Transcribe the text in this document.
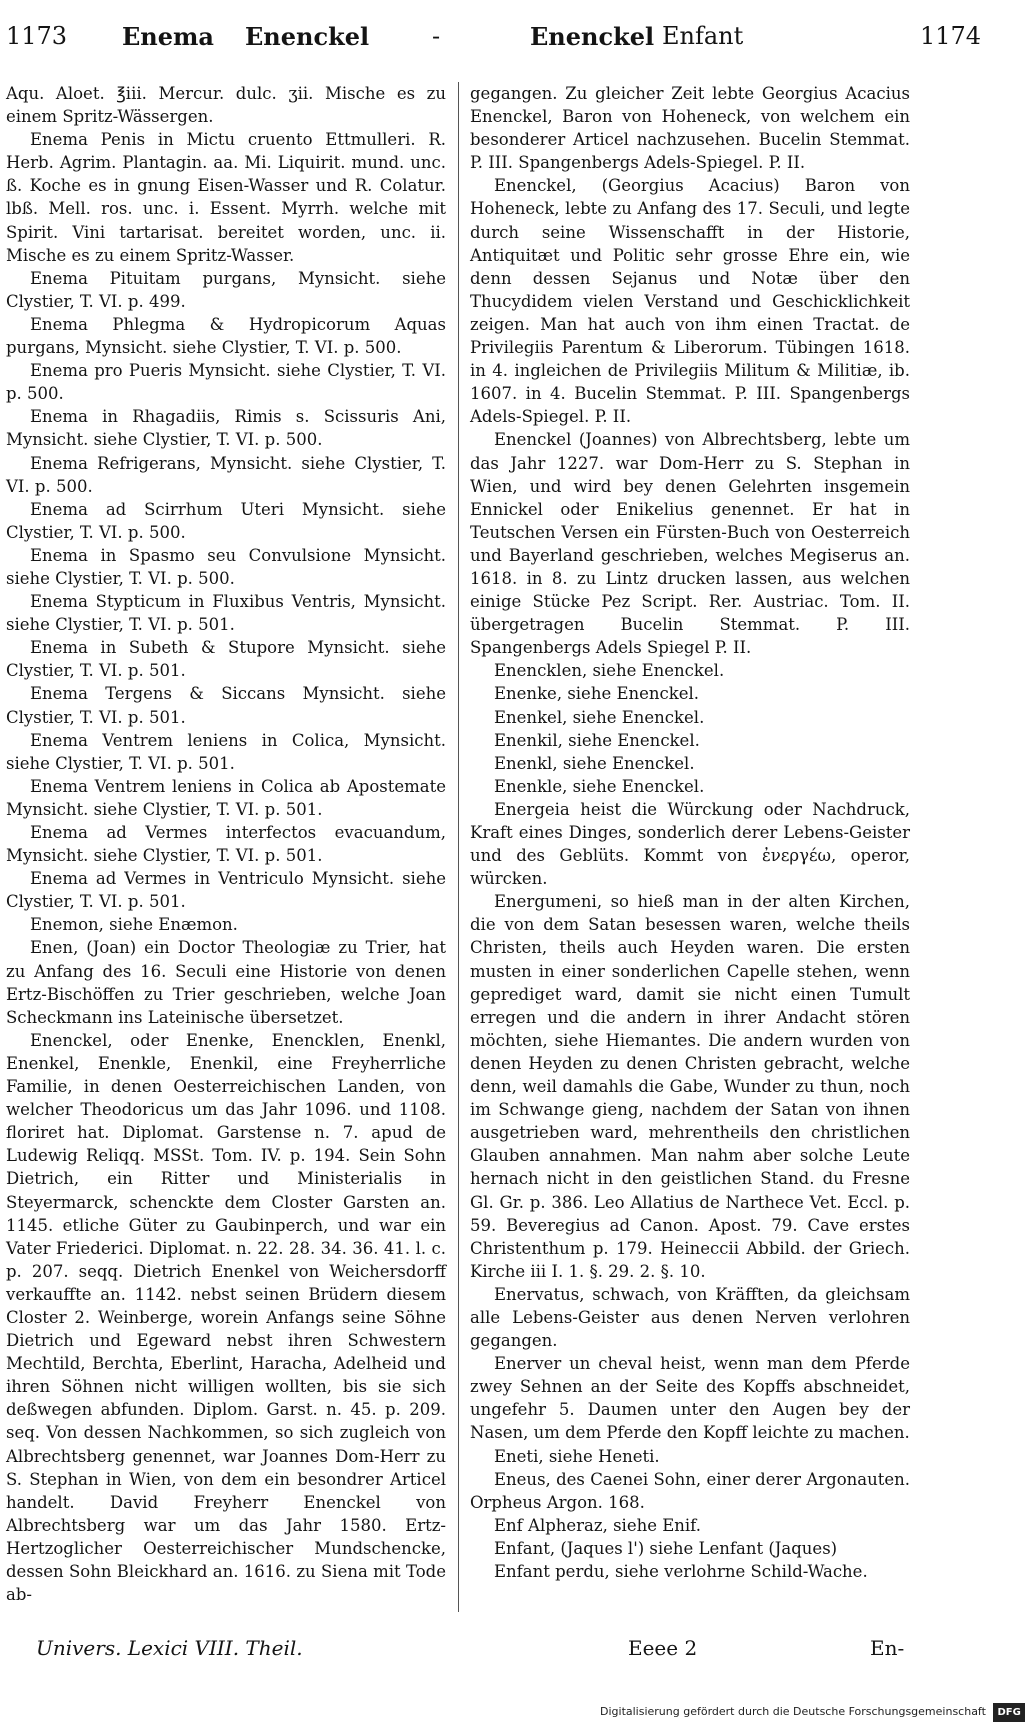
1173 Enema Enenckel	-	Enenckel Enfant	1174

Aqu. Aloet. ℥iii. Mercur. dulc. ʒii. Mische es zu einem Spritz-Wässergen.

Enema Penis in Mictu cruento Ettmulleri. R. Herb. Agrim. Plantagin. aa. Mi. Liquirit. mund. unc. ß. Koche es in gnung Eisen-Wasser und R. Colatur. lbß. Mell. ros. unc. i. Essent. Myrrh. welche mit Spirit. Vini tartarisat. bereitet worden, unc. ii. Mische es zu einem Spritz-Wasser.

Enema Pituitam purgans, Mynsicht. siehe Clystier, T. VI. p. 499.

Enema Phlegma & Hydropicorum Aquas purgans, Mynsicht. siehe Clystier, T. VI. p. 500.

Enema pro Pueris Mynsicht. siehe Clystier, T. VI. p. 500.

Enema in Rhagadiis, Rimis s. Scissuris Ani, Mynsicht. siehe Clystier, T. VI. p. 500.

Enema Refrigerans, Mynsicht. siehe Clystier, T. VI. p. 500.

Enema ad Scirrhum Uteri Mynsicht. siehe Clystier, T. VI. p. 500.

Enema in Spasmo seu Convulsione Mynsicht. siehe Clystier, T. VI. p. 500.

Enema Stypticum in Fluxibus Ventris, Mynsicht. siehe Clystier, T. VI. p. 501.

Enema in Subeth & Stupore Mynsicht. siehe Clystier, T. VI. p. 501.

Enema Tergens & Siccans Mynsicht. siehe Clystier, T. VI. p. 501.

Enema Ventrem leniens in Colica, Mynsicht. siehe Clystier, T. VI. p. 501.

Enema Ventrem leniens in Colica ab Apostemate Mynsicht. siehe Clystier, T. VI. p. 501.

Enema ad Vermes interfectos evacuandum, Mynsicht. siehe Clystier, T. VI. p. 501.

Enema ad Vermes in Ventriculo Mynsicht. siehe Clystier, T. VI. p. 501.

Enemon, siehe Enæmon.

Enen, (Joan) ein Doctor Theologiæ zu Trier, hat zu Anfang des 16. Seculi eine Historie von denen Ertz-Bischöffen zu Trier geschrieben, welche Joan Scheckmann ins Lateinische übersetzet.

Enenckel, oder Enenke, Enencklen, Enenkl, Enenkel, Enenkle, Enenkil, eine Freyherrliche Familie, in denen Oesterreichischen Landen, von welcher Theodoricus um das Jahr 1096. und 1108. floriret hat. Diplomat. Garstense n. 7. apud de Ludewig Reliqq. MSSt. Tom. IV. p. 194. Sein Sohn Dietrich, ein Ritter und Ministerialis in Steyermarck, schenckte dem Closter Garsten an. 1145. etliche Güter zu Gaubinperch, und war ein Vater Friederici. Diplomat. n. 22. 28. 34. 36. 41. l. c. p. 207. seqq. Dietrich Enenkel von Weichersdorff verkauffte an. 1142. nebst seinen Brüdern diesem Closter 2. Weinberge, worein Anfangs seine Söhne Dietrich und Egeward nebst ihren Schwestern Mechtild, Berchta, Eberlint, Haracha, Adelheid und ihren Söhnen nicht willigen wollten, bis sie sich deßwegen abfunden. Diplom. Garst. n. 45. p. 209. seq. Von dessen Nachkommen, so sich zugleich von Albrechtsberg genennet, war Joannes Dom-Herr zu S. Stephan in Wien, von dem ein besondrer Articel handelt. David Freyherr Enenckel von Albrechtsberg war um das Jahr 1580. Ertz-Hertzoglicher Oesterreichischer Mundschencke, dessen Sohn Bleickhard an. 1616. zu Siena mit Tode ab-

gegangen. Zu gleicher Zeit lebte Georgius Acacius Enenckel, Baron von Hoheneck, von welchem ein besonderer Articel nachzusehen. Bucelin Stemmat. P. III. Spangenbergs Adels-Spiegel. P. II.

Enenckel, (Georgius Acacius) Baron von Hoheneck, lebte zu Anfang des 17. Seculi, und legte durch seine Wissenschafft in der Historie, Antiquitæt und Politic sehr grosse Ehre ein, wie denn dessen Sejanus und Notæ über den Thucydidem vielen Verstand und Geschicklichkeit zeigen. Man hat auch von ihm einen Tractat. de Privilegiis Parentum & Liberorum. Tübingen 1618. in 4. ingleichen de Privilegiis Militum & Militiæ, ib. 1607. in 4. Bucelin Stemmat. P. III. Spangenbergs Adels-Spiegel. P. II.

Enenckel (Joannes) von Albrechtsberg, lebte um das Jahr 1227. war Dom-Herr zu S. Stephan in Wien, und wird bey denen Gelehrten insgemein Ennickel oder Enikelius genennet. Er hat in Teutschen Versen ein Fürsten-Buch von Oesterreich und Bayerland geschrieben, welches Megiserus an. 1618. in 8. zu Lintz drucken lassen, aus welchen einige Stücke Pez Script. Rer. Austriac. Tom. II. übergetragen Bucelin Stemmat. P. III. Spangenbergs Adels Spiegel P. II.

Enencklen, siehe Enenckel.

Enenke, siehe Enenckel.

Enenkel, siehe Enenckel.

Enenkil, siehe Enenckel.

Enenkl, siehe Enenckel.

Enenkle, siehe Enenckel.

Energeia heist die Würckung oder Nachdruck, Kraft eines Dinges, sonderlich derer Lebens-Geister und des Geblüts. Kommt von ἐνεργέω, operor, würcken.

Energumeni, so hieß man in der alten Kirchen, die von dem Satan besessen waren, welche theils Christen, theils auch Heyden waren. Die ersten musten in einer sonderlichen Capelle stehen, wenn geprediget ward, damit sie nicht einen Tumult erregen und die andern in ihrer Andacht stören möchten, siehe Hiemantes. Die andern wurden von denen Heyden zu denen Christen gebracht, welche denn, weil damahls die Gabe, Wunder zu thun, noch im Schwange gieng, nachdem der Satan von ihnen ausgetrieben ward, mehrentheils den christlichen Glauben annahmen. Man nahm aber solche Leute hernach nicht in den geistlichen Stand. du Fresne Gl. Gr. p. 386. Leo Allatius de Narthece Vet. Eccl. p. 59. Beveregius ad Canon. Apost. 79. Cave erstes Christenthum p. 179. Heineccii Abbild. der Griech. Kirche iii I. 1. §. 29. 2. §. 10.

Enervatus, schwach, von Kräfften, da gleichsam alle Lebens-Geister aus denen Nerven verlohren gegangen.

Enerver un cheval heist, wenn man dem Pferde zwey Sehnen an der Seite des Kopffs abschneidet, ungefehr 5. Daumen unter den Augen bey der Nasen, um dem Pferde den Kopff leichte zu machen.

Eneti, siehe Heneti.

Eneus, des Caenei Sohn, einer derer Argonauten. Orpheus Argon. 168.

Enf Alpheraz, siehe Enif.

Enfant, (Jaques l') siehe Lenfant (Jaques)

Enfant perdu, siehe verlohrne Schild-Wache.

Univers. Lexici VIII. Theil.	Eeee 2	En-
Digitalisierung gefördert durch die Deutsche Forschungsgemeinschaft DFG
